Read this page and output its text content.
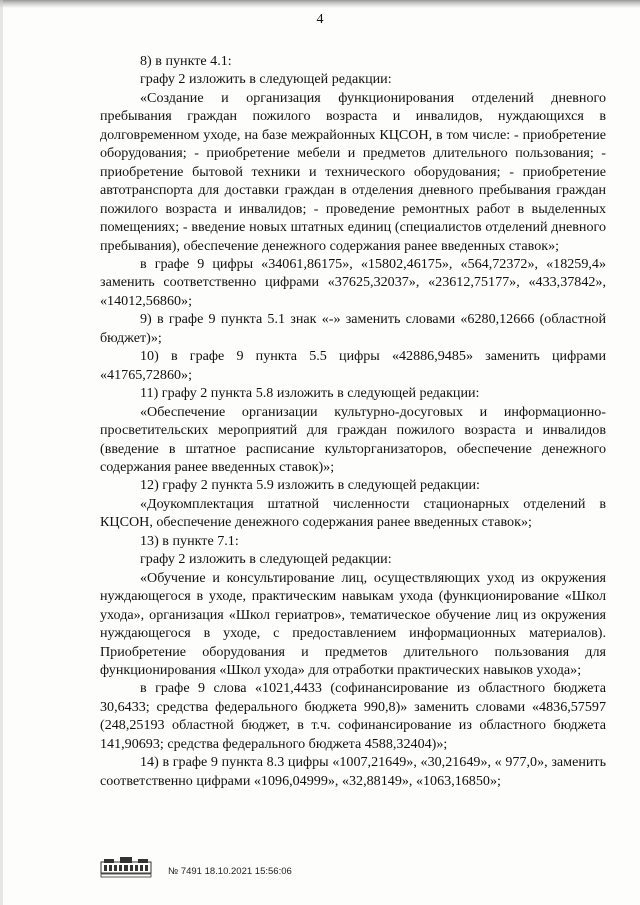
4

8) в пункте 4.1:

графу 2 изложить в следующей редакции:

«Создание и организация функционирования отделений дневного пребывания граждан пожилого возраста и инвалидов, нуждающихся в долговременном уходе, на базе межрайонных КЦСОН, в том числе: - приобретение оборудования; - приобретение мебели и предметов длительного пользования; - приобретение бытовой техники и технического оборудования; - приобретение автотранспорта для доставки граждан в отделения дневного пребывания граждан пожилого возраста и инвалидов; - проведение ремонтных работ в выделенных помещениях; - введение новых штатных единиц (специалистов отделений дневного пребывания), обеспечение денежного содержания ранее введенных ставок»;

в графе 9 цифры «34061,86175», «15802,46175», «564,72372», «18259,4» заменить соответственно цифрами «37625,32037», «23612,75177», «433,37842», «14012,56860»;

9) в графе 9 пункта 5.1 знак «-» заменить словами «6280,12666 (областной бюджет)»;

10) в графе 9 пункта 5.5 цифры «42886,9485» заменить цифрами «41765,72860»;

11) графу 2 пункта 5.8 изложить в следующей редакции:

«Обеспечение организации культурно-досуговых и информационно-просветительских мероприятий для граждан пожилого возраста и инвалидов (введение в штатное расписание культорганизаторов, обеспечение денежного содержания ранее введенных ставок)»;

12) графу 2 пункта 5.9 изложить в следующей редакции:

«Доукомплектация штатной численности стационарных отделений в КЦСОН, обеспечение денежного содержания ранее введенных ставок»;

13) в пункте 7.1:

графу 2 изложить в следующей редакции:

«Обучение и консультирование лиц, осуществляющих уход из окружения нуждающегося в уходе, практическим навыкам ухода (функционирование «Школ ухода», организация «Школ гериатров», тематическое обучение лиц из окружения нуждающегося в уходе, с предоставлением информационных материалов). Приобретение оборудования и предметов длительного пользования для функционирования «Школ ухода» для отработки практических навыков ухода»;

в графе 9 слова «1021,4433 (софинансирование из областного бюджета 30,6433; средства федерального бюджета 990,8)» заменить словами «4836,57597 (248,25193 областной бюджет, в т.ч. софинансирование из областного бюджета 141,90693; средства федерального бюджета 4588,32404)»;

14) в графе 9 пункта 8.3 цифры «1007,21649», «30,21649», « 977,0», заменить соответственно цифрами «1096,04999», «32,88149», «1063,16850»;

№ 7491 18.10.2021 15:56:06
